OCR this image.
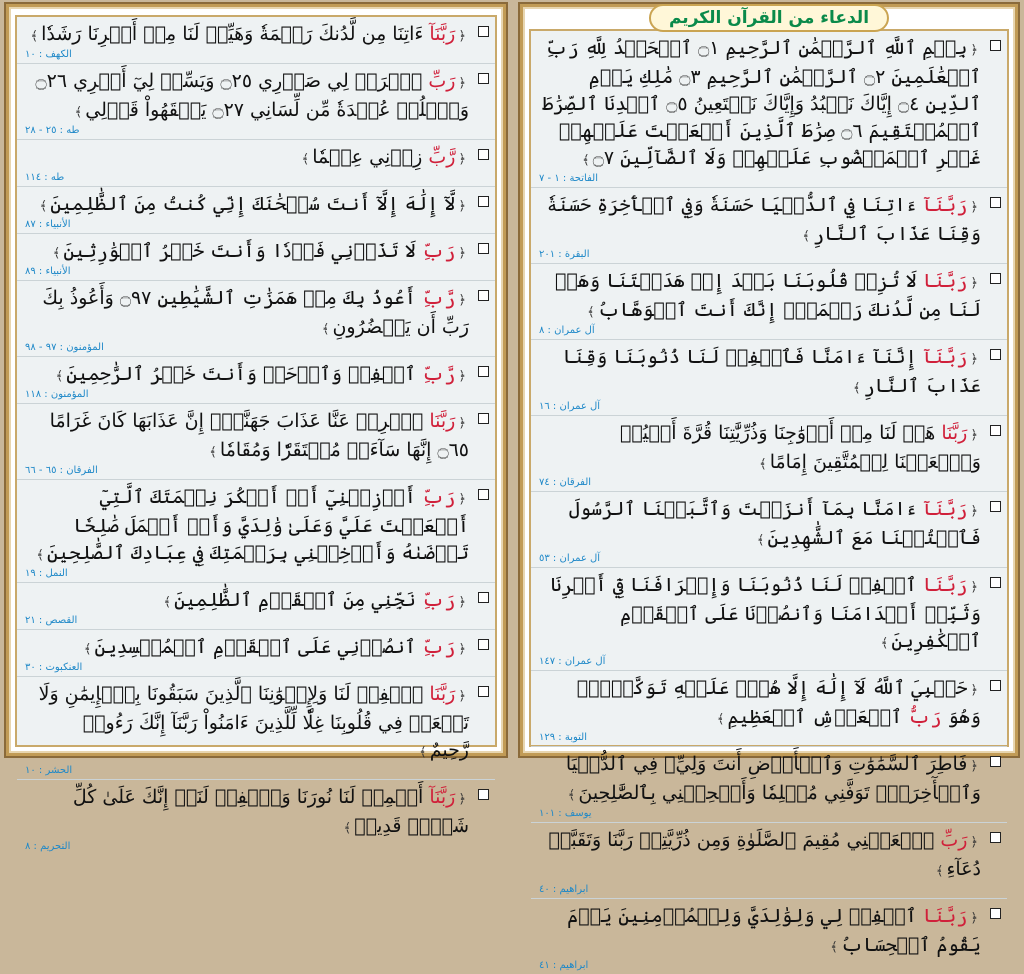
﴿رَبَّنَآ ءَاتِنَا مِن لَّدُنكَ رَحۡمَةٗ وَهَيِّئۡ لَنَا مِنۡ أَمۡرِنَا رَشَدٗا﴾
الكهف : ١٠
﴿رَبِّ ٱشۡرَحۡ لِي صَدۡرِي ۝٢٥ وَيَسِّرۡ لِيٓ أَمۡرِي ۝٢٦ وَٱحۡلُلۡ عُقۡدَةٗ مِّن لِّسَانِي ۝٢٧ يَفۡقَهُواْ قَوۡلِي﴾
طه : ٢٥ - ٢٨
﴿رَّبِّ زِدۡنِي عِلۡمٗا﴾
طه : ١١٤
﴿لَّآ إِلَٰهَ إِلَّآ أَنتَ سُبۡحَٰنَكَ إِنِّي كُنتُ مِنَ ٱلظَّٰلِمِينَ﴾
الأنبياء : ٨٧
﴿رَبِّ لَا تَذَرۡنِي فَرۡدٗا وَأَنتَ خَيۡرُ ٱلۡوَٰرِثِينَ﴾
الأنبياء : ٨٩
﴿رَّبِّ أَعُوذُ بِكَ مِنۡ هَمَزَٰتِ ٱلشَّيَٰطِينِ ۝٩٧ وَأَعُوذُ بِكَ رَبِّ أَن يَحۡضُرُونِ﴾
المؤمنون : ٩٧ - ٩٨
﴿رَّبِّ ٱغۡفِرۡ وَٱرۡحَمۡ وَأَنتَ خَيۡرُ ٱلرَّٰحِمِينَ﴾
المؤمنون : ١١٨
﴿رَبَّنَا ٱصۡرِفۡ عَنَّا عَذَابَ جَهَنَّمَۖ إِنَّ عَذَابَهَا كَانَ غَرَامًا ۝٦٥ إِنَّهَا سَآءَتۡ مُسۡتَقَرّٗا وَمُقَامٗا﴾
الفرقان : ٦٥ - ٦٦
﴿رَبِّ أَوۡزِعۡنِيٓ أَنۡ أَشۡكُرَ نِعۡمَتَكَ ٱلَّتِيٓ أَنۡعَمۡتَ عَلَيَّ وَعَلَىٰ وَٰلِدَيَّ وَأَنۡ أَعۡمَلَ صَٰلِحٗا تَرۡضَىٰهُ وَأَدۡخِلۡنِي بِرَحۡمَتِكَ فِي عِبَادِكَ ٱلصَّٰلِحِينَ﴾
النمل : ١٩
﴿رَبِّ نَجِّنِي مِنَ ٱلۡقَوۡمِ ٱلظَّٰلِمِينَ﴾
القصص : ٢١
﴿رَبِّ ٱنصُرۡنِي عَلَى ٱلۡقَوۡمِ ٱلۡمُفۡسِدِينَ﴾
العنكبوت : ٣٠
﴿رَبَّنَا ٱغۡفِرۡ لَنَا وَلِإِخۡوَٰنِنَا ٱلَّذِينَ سَبَقُونَا بِٱلۡإِيمَٰنِ وَلَا تَجۡعَلۡ فِي قُلُوبِنَا غِلّٗا لِّلَّذِينَ ءَامَنُواْ رَبَّنَآ إِنَّكَ رَءُوفٞ رَّحِيمٌ﴾
الحشر : ١٠
﴿رَبَّنَآ أَتۡمِمۡ لَنَا نُورَنَا وَٱغۡفِرۡ لَنَآۖ إِنَّكَ عَلَىٰ كُلِّ شَيۡءٖ قَدِيرٞ﴾
التحريم : ٨
الدعاء من القرآن الكريم
﴿بِسۡمِ ٱللَّهِ ٱلرَّحۡمَٰنِ ٱلرَّحِيمِ ۝١ ٱلۡحَمۡدُ لِلَّهِ رَبِّ ٱلۡعَٰلَمِينَ ۝٢ ٱلرَّحۡمَٰنِ ٱلرَّحِيمِ ۝٣ مَٰلِكِ يَوۡمِ ٱلدِّينِ ۝٤ إِيَّاكَ نَعۡبُدُ وَإِيَّاكَ نَسۡتَعِينُ ۝٥ ٱهۡدِنَا ٱلصِّرَٰطَ ٱلۡمُسۡتَقِيمَ ۝٦ صِرَٰطَ ٱلَّذِينَ أَنۡعَمۡتَ عَلَيۡهِمۡ غَيۡرِ ٱلۡمَغۡضُوبِ عَلَيۡهِمۡ وَلَا ٱلضَّآلِّينَ ۝٧﴾
الفاتحة : ١ - ٧
﴿رَبَّنَآ ءَاتِنَا فِي ٱلدُّنۡيَا حَسَنَةٗ وَفِي ٱلۡأٓخِرَةِ حَسَنَةٗ وَقِنَا عَذَابَ ٱلنَّارِ﴾
البقرة : ٢٠١
﴿رَبَّنَا لَا تُزِغۡ قُلُوبَنَا بَعۡدَ إِذۡ هَدَيۡتَنَا وَهَبۡ لَنَا مِن لَّدُنكَ رَحۡمَةًۚ إِنَّكَ أَنتَ ٱلۡوَهَّابُ﴾
آل عمران : ٨
﴿رَبَّنَآ إِنَّنَآ ءَامَنَّا فَٱغۡفِرۡ لَنَا ذُنُوبَنَا وَقِنَا عَذَابَ ٱلنَّارِ﴾
آل عمران : ١٦
﴿رَبَّنَا هَبۡ لَنَا مِنۡ أَزۡوَٰجِنَا وَذُرِّيَّٰتِنَا قُرَّةَ أَعۡيُنٖ وَٱجۡعَلۡنَا لِلۡمُتَّقِينَ إِمَامًا﴾
الفرقان : ٧٤
﴿رَبَّنَآ ءَامَنَّا بِمَآ أَنزَلۡتَ وَٱتَّبَعۡنَا ٱلرَّسُولَ فَٱكۡتُبۡنَا مَعَ ٱلشَّٰهِدِينَ﴾
آل عمران : ٥٣
﴿رَبَّنَا ٱغۡفِرۡ لَنَا ذُنُوبَنَا وَإِسۡرَافَنَا فِيٓ أَمۡرِنَا وَثَبِّتۡ أَقۡدَامَنَا وَٱنصُرۡنَا عَلَى ٱلۡقَوۡمِ ٱلۡكَٰفِرِينَ﴾
آل عمران : ١٤٧
﴿حَسۡبِيَ ٱللَّهُ لَآ إِلَٰهَ إِلَّا هُوَۖ عَلَيۡهِ تَوَكَّلۡتُۖ وَهُوَ رَبُّ ٱلۡعَرۡشِ ٱلۡعَظِيمِ﴾
التوبة : ١٢٩
﴿فَاطِرَ ٱلسَّمَٰوَٰتِ وَٱلۡأَرۡضِ أَنتَ وَلِيِّۦ فِي ٱلدُّنۡيَا وَٱلۡأٓخِرَةِۖ تَوَفَّنِي مُسۡلِمٗا وَأَلۡحِقۡنِي بِٱلصَّٰلِحِينَ﴾
يوسف : ١٠١
﴿رَبِّ ٱجۡعَلۡنِي مُقِيمَ ٱلصَّلَوٰةِ وَمِن ذُرِّيَّتِيۚ رَبَّنَا وَتَقَبَّلۡ دُعَآءِ﴾
ابراهيم : ٤٠
﴿رَبَّنَا ٱغۡفِرۡ لِي وَلِوَٰلِدَيَّ وَلِلۡمُؤۡمِنِينَ يَوۡمَ يَقُومُ ٱلۡحِسَابُ﴾
ابراهيم : ٤١
